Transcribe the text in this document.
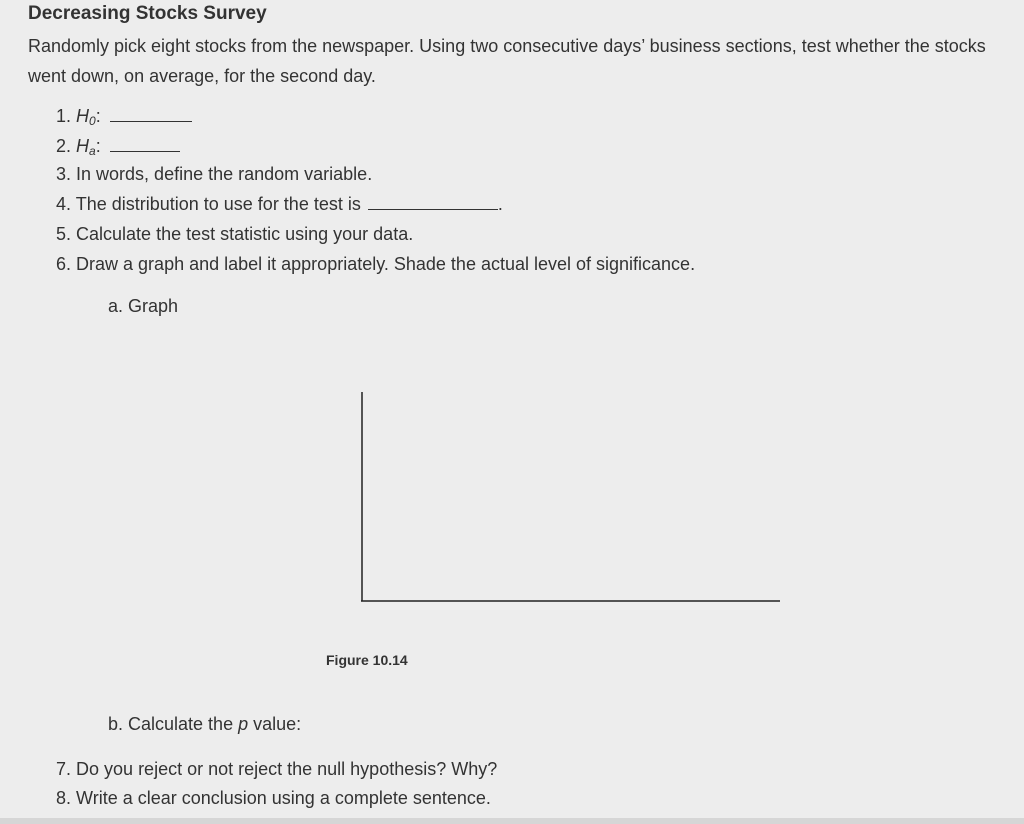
Decreasing Stocks Survey
Randomly pick eight stocks from the newspaper. Using two consecutive days’ business sections, test whether the stocks went down, on average, for the second day.
1. $H_0$:
2. $H_a$:
3. In words, define the random variable.
4. The distribution to use for the test is	.
5. Calculate the test statistic using your data.
6. Draw a graph and label it appropriately. Shade the actual level of significance.
a. Graph
Figure 10.14
b. Calculate the p value:
7. Do you reject or not reject the null hypothesis? Why?
8. Write a clear conclusion using a complete sentence.
